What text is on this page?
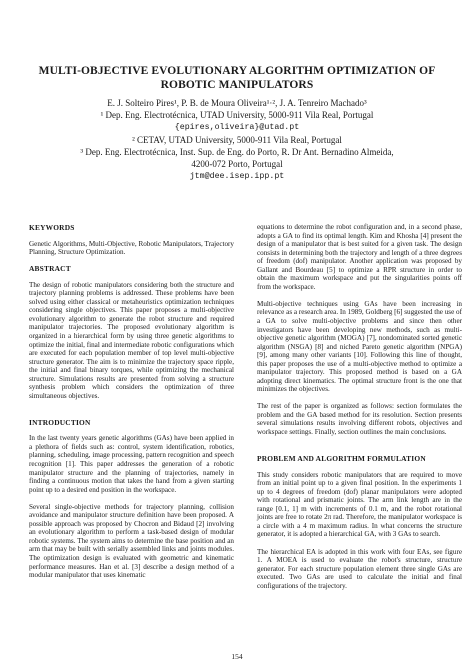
MULTI-OBJECTIVE EVOLUTIONARY ALGORITHM OPTIMIZATION OF
ROBOTIC MANIPULATORS
E. J. Solteiro Pires¹, P. B. de Moura Oliveira¹·², J. A. Tenreiro Machado³
¹ Dep. Eng. Electrotécnica, UTAD University, 5000-911 Vila Real, Portugal
{epires,oliveira}@utad.pt
² CETAV, UTAD University, 5000-911 Vila Real, Portugal
³ Dep. Eng. Electrotécnica, Inst. Sup. de Eng. do Porto, R. Dr Ant. Bernadino Almeida,
4200-072 Porto, Portugal
jtm@dee.isep.ipp.pt
KEYWORDS

Genetic Algorithms, Multi-Objective, Robotic Manipulators, Trajectory Planning, Structure Optimization.

ABSTRACT

The design of robotic manipulators considering both the structure and trajectory planning problems is addressed. These problems have been solved using either classical or metaheuristics optimization techniques considering single objectives. This paper proposes a multi-objective evolutionary algorithm to generate the robot structure and required manipulator trajectories. The proposed evolutionary algorithm is organized in a hierarchical form by using three genetic algorithms to optimize the initial, final and intermediate robotic configurations which are executed for each population member of top level multi-objective structure generator. The aim is to minimize the trajectory space ripple, the initial and final binary torques, while optimizing the mechanical structure. Simulations results are presented from solving a structure synthesis problem which considers the optimization of three simultaneous objectives.

INTRODUCTION

In the last twenty years genetic algorithms (GAs) have been applied in a plethora of fields such as: control, system identification, robotics, planning, scheduling, image processing, pattern recognition and speech recognition [1]. This paper addresses the generation of a robotic manipulator structure and the planning of trajectories, namely in finding a continuous motion that takes the hand from a given starting point up to a desired end position in the workspace.

Several single-objective methods for trajectory planning, collision avoidance and manipulator structure definition have been proposed. A possible approach was proposed by Chocron and Bidaud [2] involving an evolutionary algorithm to perform a task-based design of modular robotic systems. The system aims to determine the base position and an arm that may be built with serially assembled links and joints modules. The optimization design is evaluated with geometric and kinematic performance measures. Han et al. [3] describe a design method of a modular manipulator that uses kinematic

equations to determine the robot configuration and, in a second phase, adopts a GA to find its optimal length. Kim and Khosha [4] present the design of a manipulator that is best suited for a given task. The design consists in determining both the trajectory and length of a three degrees of freedom (dof) manipulator. Another application was proposed by Gallant and Bourdeau [5] to optimize a RPR structure in order to obtain the maximum workspace and put the singularities points off from the workspace.

Multi-objective techniques using GAs have been increasing in relevance as a research area. In 1989, Goldberg [6] suggested the use of a GA to solve multi-objective problems and since then other investigators have been developing new methods, such as multi-objective genetic algorithm (MOGA) [7], nondominated sorted genetic algorithm (NSGA) [8] and niched Pareto genetic algorithm (NPGA) [9], among many other variants [10]. Following this line of thought, this paper proposes the use of a multi-objective method to optimize a manipulator trajectory. This proposed method is based on a GA adopting direct kinematics. The optimal structure front is the one that minimizes the objectives.

The rest of the paper is organized as follows: section formulates the problem and the GA based method for its resolution. Section presents several simulations results involving different robots, objectives and workspace settings. Finally, section outlines the main conclusions.

PROBLEM AND ALGORITHM FORMULATION

This study considers robotic manipulators that are required to move from an initial point up to a given final position. In the experiments 1 up to 4 degrees of freedom (dof) planar manipulators were adopted with rotational and prismatic joints. The arm link length are in the range [0.1, 1] m with increments of 0.1 m, and the robot rotational joints are free to rotate 2π rad. Therefore, the manipulator workspace is a circle with a 4 m maximum radius. In what concerns the structure generator, it is adopted a hierarchical GA, with 3 GAs to search.

The hierarchical EA is adopted in this work with four EAs, see figure 1. A MOEA is used to evaluate the robot's structure, structure generator. For each structure population element three single GAs are executed. Two GAs are used to calculate the initial and final configurations of the trajectory.

154
